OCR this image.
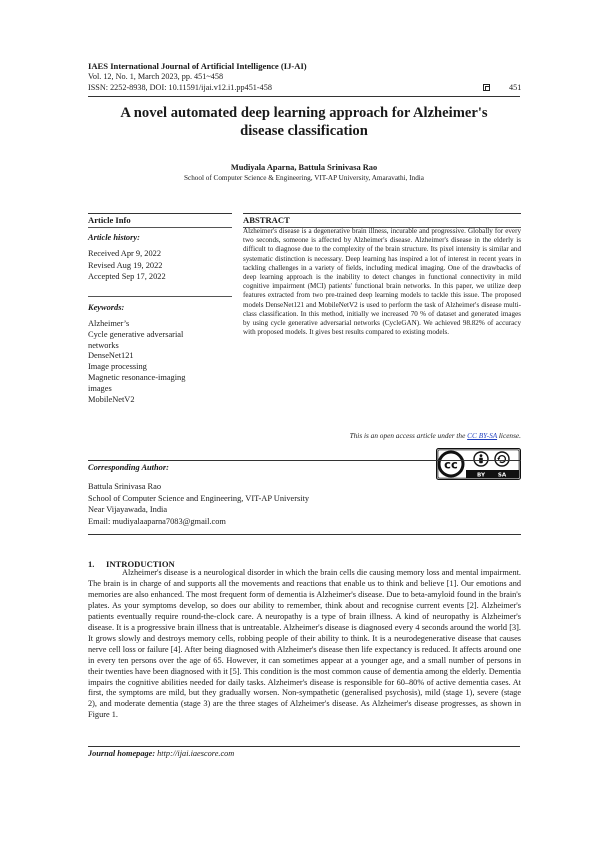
IAES International Journal of Artificial Intelligence (IJ-AI)
Vol. 12, No. 1, March 2023, pp. 451~458
ISSN: 2252-8938, DOI: 10.11591/ijai.v12.i1.pp451-458	451
A novel automated deep learning approach for Alzheimer's
disease classification
Mudiyala Aparna, Battula Srinivasa Rao
School of Computer Science & Engineering, VIT-AP University, Amaravathi, India
Article Info
Article history:
Received Apr 9, 2022
Revised Aug 19, 2022
Accepted Sep 17, 2022
Keywords:
Alzheimer’s
Cycle generative adversarial
networks
DenseNet121
Image processing
Magnetic resonance-imaging
images
MobileNetV2
ABSTRACT
Alzheimer's disease is a degenerative brain illness, incurable and progressive. Globally for every two seconds, someone is affected by Alzheimer's disease. Alzheimer's disease in the elderly is difficult to diagnose due to the complexity of the brain structure. Its pixel intensity is similar and systematic distinction is necessary. Deep learning has inspired a lot of interest in recent years in tackling challenges in a variety of fields, including medical imaging. One of the drawbacks of deep learning approach is the inability to detect changes in functional connectivity in mild cognitive impairment (MCI) patients' functional brain networks. In this paper, we utilize deep features extracted from two pre-trained deep learning models to tackle this issue. The proposed models DenseNet121 and MobileNetV2 is used to perform the task of Alzheimer's disease multi-class classification. In this method, initially we increased 70 % of dataset and generated images by using cycle generative adversarial networks (CycleGAN). We achieved 98.82% of accuracy with proposed models. It gives best results compared to existing models.
This is an open access article under the CC BY-SA license.
cc
BY SA
Corresponding Author:
Battula Srinivasa Rao
School of Computer Science and Engineering, VIT-AP University
Near Vijayawada, India
Email: mudiyalaaparna7083@gmail.com
1. INTRODUCTION
Alzheimer's disease is a neurological disorder in which the brain cells die causing memory loss and mental impairment. The brain is in charge of and supports all the movements and reactions that enable us to think and believe [1]. Our emotions and memories are also enhanced. The most frequent form of dementia is Alzheimer's disease. Due to beta-amyloid found in the brain's plates. As your symptoms develop, so does our ability to remember, think about and recognise current events [2]. Alzheimer's patients eventually require round-the-clock care. A neuropathy is a type of brain illness. A kind of neuropathy is Alzheimer's disease. It is a progressive brain illness that is untreatable. Alzheimer's disease is diagnosed every 4 seconds around the world [3]. It grows slowly and destroys memory cells, robbing people of their ability to think. It is a neurodegenerative disease that causes nerve cell loss or failure [4]. After being diagnosed with Alzheimer's disease then life expectancy is reduced. It affects around one in every ten persons over the age of 65. However, it can sometimes appear at a younger age, and a small number of persons in their twenties have been diagnosed with it [5]. This condition is the most common cause of dementia among the elderly. Dementia impairs the cognitive abilities needed for daily tasks. Alzheimer's disease is responsible for 60–80% of active dementia cases. At first, the symptoms are mild, but they gradually worsen. Non-sympathetic (generalised psychosis), mild (stage 1), severe (stage 2), and moderate dementia (stage 3) are the three stages of Alzheimer's disease. As Alzheimer's disease progresses, as shown in Figure 1.
Journal homepage: http://ijai.iaescore.com
